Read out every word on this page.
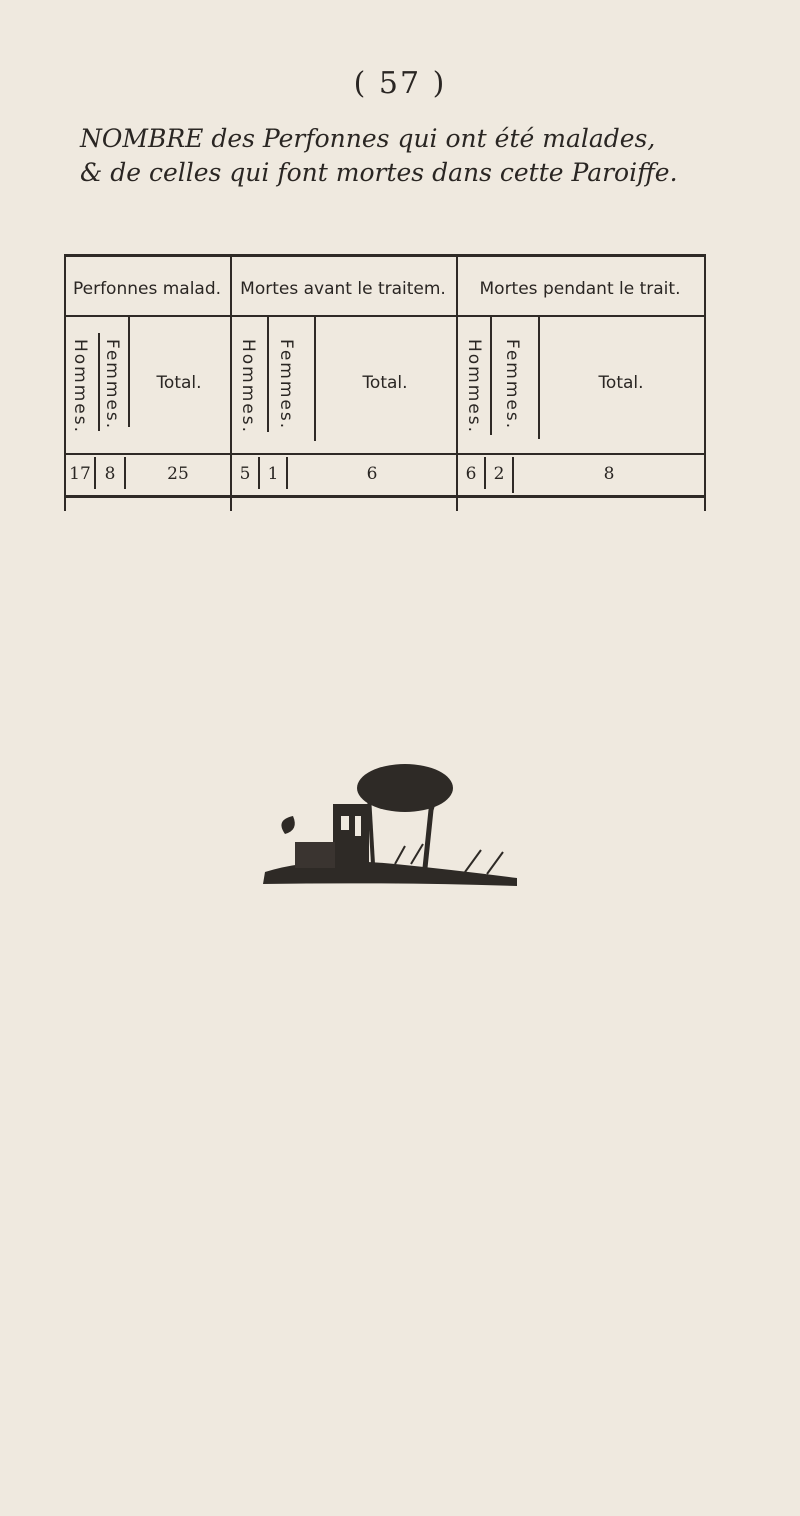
( 57 )
NOMBRE des Perfonnes qui ont été malades,
& de celles qui font mortes dans cette Paroiffe.
Perfonnes malad.	Mortes avant le traitem.	Mortes pendant le trait.
Hommes. Femmes.	Total.	Hommes. Femmes.	Total.	Hommes. Femmes.	Total.
17 8	25	5	1	6	6	2	8
